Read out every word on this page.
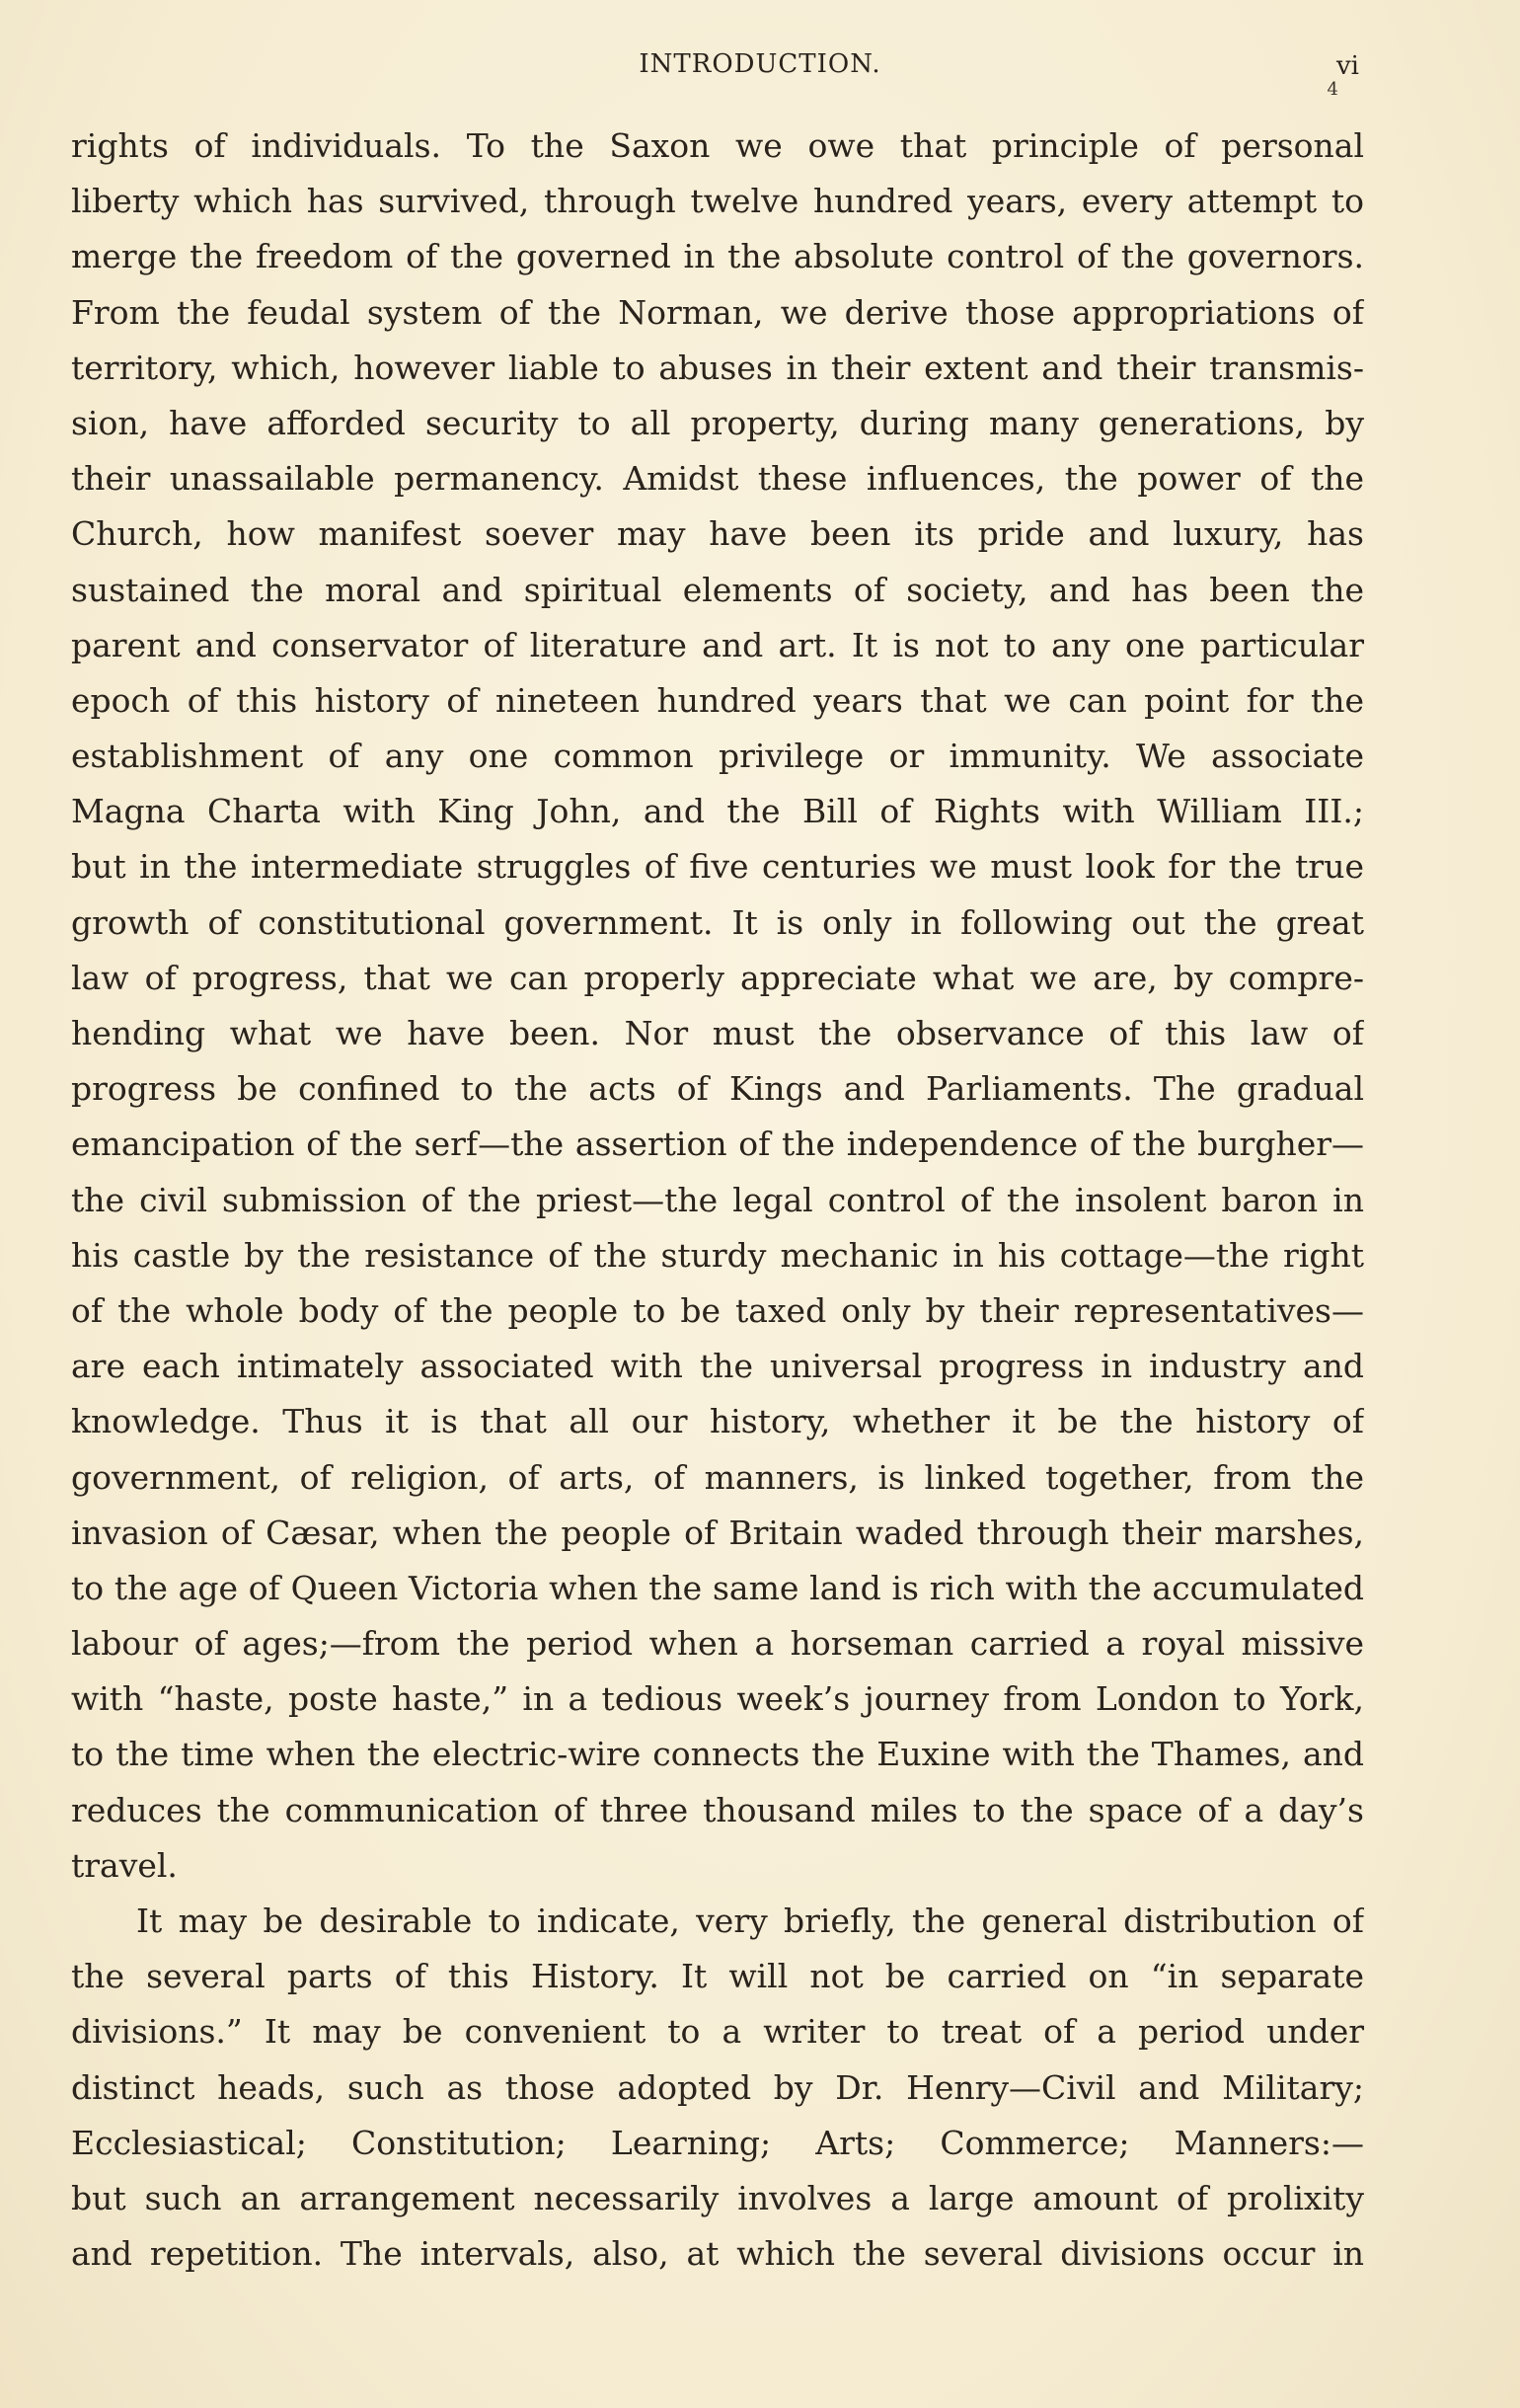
INTRODUCTION.	vi
4
rights of individuals. To the Saxon we owe that principle of personal
liberty which has survived, through twelve hundred years, every attempt to
merge the freedom of the governed in the absolute control of the governors.
From the feudal system of the Norman, we derive those appropriations of
territory, which, however liable to abuses in their extent and their transmis-
sion, have afforded security to all property, during many generations, by
their unassailable permanency. Amidst these influences, the power of the
Church, how manifest soever may have been its pride and luxury, has
sustained the moral and spiritual elements of society, and has been the
parent and conservator of literature and art. It is not to any one particular
epoch of this history of nineteen hundred years that we can point for the
establishment of any one common privilege or immunity. We associate
Magna Charta with King John, and the Bill of Rights with William III.;
but in the intermediate struggles of five centuries we must look for the true
growth of constitutional government. It is only in following out the great
law of progress, that we can properly appreciate what we are, by compre-
hending what we have been. Nor must the observance of this law of
progress be confined to the acts of Kings and Parliaments. The gradual
emancipation of the serf—the assertion of the independence of the burgher—
the civil submission of the priest—the legal control of the insolent baron in
his castle by the resistance of the sturdy mechanic in his cottage—the right
of the whole body of the people to be taxed only by their representatives—
are each intimately associated with the universal progress in industry and
knowledge. Thus it is that all our history, whether it be the history of
government, of religion, of arts, of manners, is linked together, from the
invasion of Cæsar, when the people of Britain waded through their marshes,
to the age of Queen Victoria when the same land is rich with the accumulated
labour of ages;—from the period when a horseman carried a royal missive
with “haste, poste haste,” in a tedious week’s journey from London to York,
to the time when the electric-wire connects the Euxine with the Thames, and
reduces the communication of three thousand miles to the space of a day’s
travel.
It may be desirable to indicate, very briefly, the general distribution of
the several parts of this History. It will not be carried on “in separate
divisions.” It may be convenient to a writer to treat of a period under
distinct heads, such as those adopted by Dr. Henry—Civil and Military;
Ecclesiastical; Constitution; Learning; Arts; Commerce; Manners:—
but such an arrangement necessarily involves a large amount of prolixity
and repetition. The intervals, also, at which the several divisions occur in
